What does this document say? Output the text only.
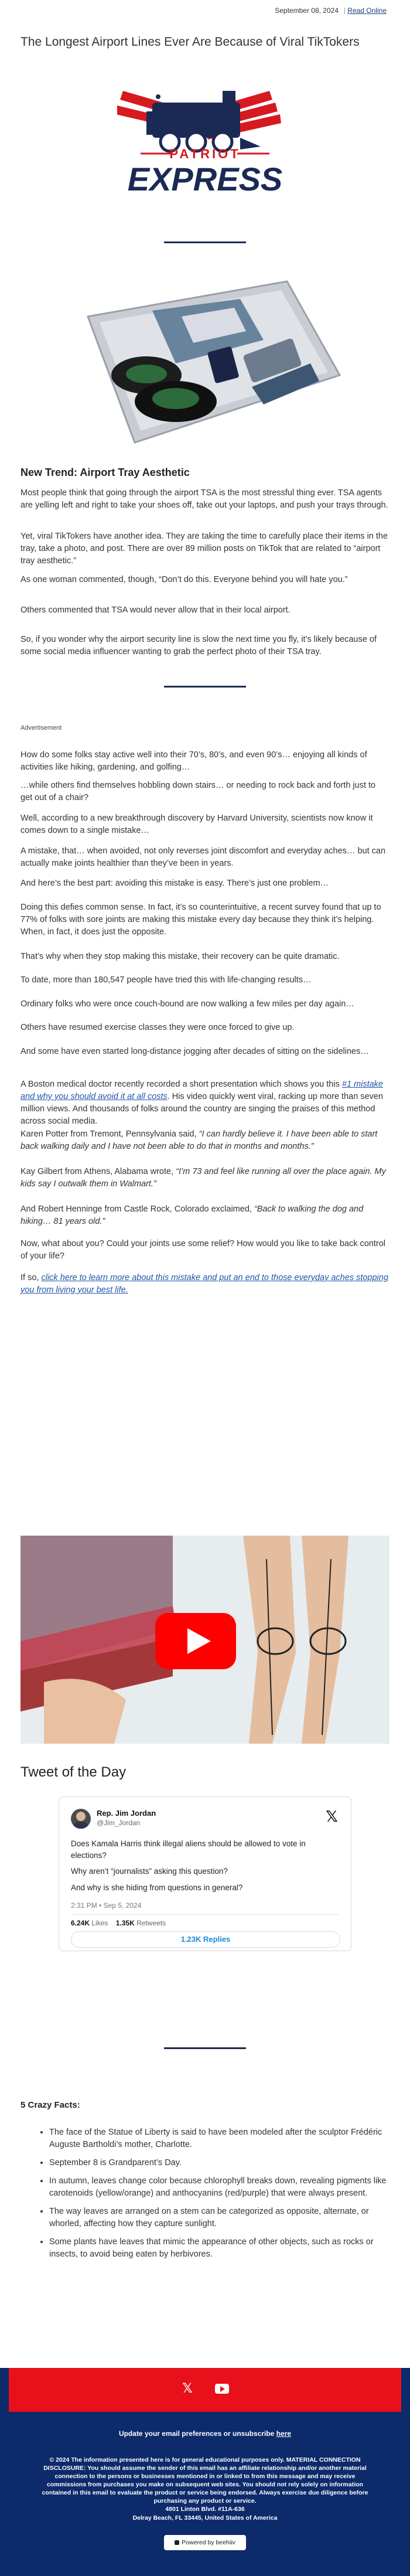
September 08, 2024 | Read Online
The Longest Airport Lines Ever Are Because of Viral TikTokers
PATRIOT
EXPRESS
New Trend: Airport Tray Aesthetic

Most people think that going through the airport TSA is the most stressful thing ever. TSA agents are yelling left and right to take your shoes off, take out your laptops, and push your trays through.

Yet, viral TikTokers have another idea. They are taking the time to carefully place their items in the tray, take a photo, and post. There are over 89 million posts on TikTok that are related to “airport tray aesthetic.”

As one woman commented, though, “Don’t do this. Everyone behind you will hate you.”

Others commented that TSA would never allow that in their local airport.

So, if you wonder why the airport security line is slow the next time you fly, it’s likely because of some social media influencer wanting to grab the perfect photo of their TSA tray.

Advertisement

How do some folks stay active well into their 70’s, 80’s, and even 90’s… enjoying all kinds of activities like hiking, gardening, and golfing…

…while others find themselves hobbling down stairs… or needing to rock back and forth just to get out of a chair?

Well, according to a new breakthrough discovery by Harvard University, scientists now know it comes down to a single mistake…

A mistake, that… when avoided, not only reverses joint discomfort and everyday aches… but can actually make joints healthier than they’ve been in years.

And here’s the best part: avoiding this mistake is easy. There’s just one problem…

Doing this defies common sense. In fact, it’s so counterintuitive, a recent survey found that up to 77% of folks with sore joints are making this mistake every day because they think it’s helping. When, in fact, it does just the opposite.

That’s why when they stop making this mistake, their recovery can be quite dramatic.

To date, more than 180,547 people have tried this with life-changing results…

Ordinary folks who were once couch-bound are now walking a few miles per day again…

Others have resumed exercise classes they were once forced to give up.

And some have even started long-distance jogging after decades of sitting on the sidelines…

A Boston medical doctor recently recorded a short presentation which shows you this #1 mistake and why you should avoid it at all costs. His video quickly went viral, racking up more than seven million views. And thousands of folks around the country are singing the praises of this method across social media.

Karen Potter from Tremont, Pennsylvania said, “I can hardly believe it. I have been able to start back walking daily and I have not been able to do that in months and months.”

Kay Gilbert from Athens, Alabama wrote, “I’m 73 and feel like running all over the place again. My kids say I outwalk them in Walmart.”

And Robert Henninge from Castle Rock, Colorado exclaimed, “Back to walking the dog and hiking… 81 years old.”

Now, what about you? Could your joints use some relief? How would you like to take back control of your life?

If so, click here to learn more about this mistake and put an end to those everyday aches stopping you from living your best life.

Tweet of the Day
Rep. Jim Jordan
@Jim_Jordan	𝕏
Does Kamala Harris think illegal aliens should be allowed to vote in elections?
Why aren’t “journalists” asking this question?
And why is she hiding from questions in general?
2:31 PM • Sep 5, 2024
6.24K Likes 1.35K Retweets
1.23K Replies
5 Crazy Facts:
• The face of the Statue of Liberty is said to have been modeled after the sculptor Frédéric Auguste Bartholdi’s mother, Charlotte.
• September 8 is Grandparent’s Day.
• In autumn, leaves change color because chlorophyll breaks down, revealing pigments like carotenoids (yellow/orange) and anthocyanins (red/purple) that were always present.
• The way leaves are arranged on a stem can be categorized as opposite, alternate, or whorled, affecting how they capture sunlight.
• Some plants have leaves that mimic the appearance of other objects, such as rocks or insects, to avoid being eaten by herbivores.
𝕏
Update your email preferences or unsubscribe here
© 2024 The information presented here is for general educational purposes only. MATERIAL CONNECTION DISCLOSURE: You should assume the sender of this email has an affiliate relationship and/or another material connection to the persons or businesses mentioned in or linked to from this message and may receive commissions from purchases you make on subsequent web sites. You should not rely solely on information contained in this email to evaluate the product or service being endorsed. Always exercise due diligence before purchasing any product or service.
4801 Linton Blvd. #11A-636
Delray Beach, FL 33445, United States of America
Powered by beehiiv
